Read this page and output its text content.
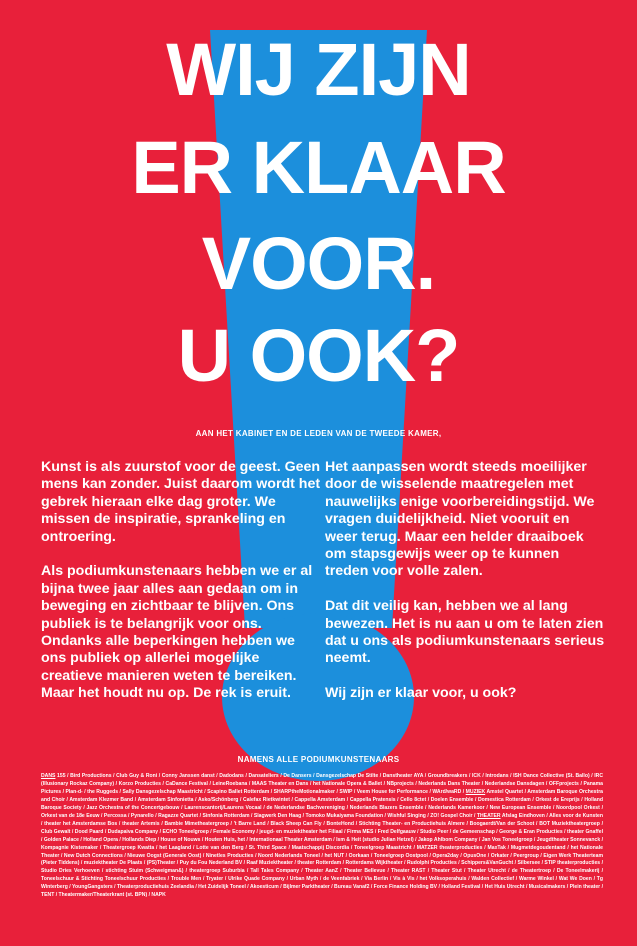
WIJ ZIJN
ER KLAAR
VOOR.
U OOK?
AAN HET KABINET EN DE LEDEN VAN DE TWEEDE KAMER,

Kunst is als zuurstof voor de geest. Geen mens kan zonder. Juist daarom wordt het gebrek hieraan elke dag groter. We missen de inspiratie, sprankeling en ontroering.

Als podiumkunstenaars hebben we er al bijna twee jaar alles aan gedaan om in beweging en zichtbaar te blijven. Ons publiek is te belangrijk voor ons. Ondanks alle beperkingen hebben we ons publiek op allerlei mogelijke creatieve manieren weten te bereiken. Maar het houdt nu op. De rek is eruit.

Het aanpassen wordt steeds moeilijker door de wisselende maatregelen met nauwelijks enige voorbereidingstijd. We vragen duidelijkheid. Niet vooruit en weer terug. Maar een helder draaiboek om stapsgewijs weer op te kunnen treden voor volle zalen.

Dat dit veilig kan, hebben we al lang bewezen. Het is nu aan u om te laten zien dat u ons als podiumkunstenaars serieus neemt.

Wij zijn er klaar voor, u ook?

NAMENS ALLE PODIUMKUNSTENAARS
DANS 155 / Bird Productions / Club Guy & Roni / Conny Janssen danst / Dadodans / Dansateliers / De Dansers / Dansgezelschap De Stilte / Danstheater AYA / Groundbreakers / ICK / Introdans / ISH Dance Collective (St. Ballo) / IRC (Illusionary Rockaz Company) / Korzo Producties / CaDance Festival / LeineRoebana / MAAS Theater en Dans / het Nationale Opera & Ballet / NBprojects / Nederlands Dans Theater / Nederlandse Dansdagen / OFFprojects / Panama Pictures / Plan-d- / the Ruggeds / Sally Dansgezelschap Maastricht / Scapino Ballet Rotterdam / SHARPtheMotionalmaker / SWIP / Veem House for Performance / WArd/waRD / MUZIEK Amstel Quartet / Amsterdam Baroque Orchestra and Choir / Amsterdam Klezmer Band / Amsterdam Sinfonietta / Asko/Schönberg / Calefax Rietkwintet / Cappella Amsterdam / Cappella Pratensis / Cello 8ctet / Doelen Ensemble / Domestica Rotterdam / Orkest de Ereprijs / Holland Baroque Society / Jazz Orchestra of the Concertgebouw / Laurenscantorij/Laurens Vocaal / de Nederlandse Bachvereniging / Nederlands Blazers Ensemble / Nederlands Kamerkoor / New European Ensemble / Noordpool Orkest / Orkest van de 18e Eeuw / Percossa / Pynarello / Ragazze Quartet / Sinfonia Rotterdam / Slagwerk Den Haag / Tomoko Mukaiyama Foundation / Wishful Singing / ZO! Gospel Choir / THEATER Afslag Eindhoven / Alles voor de Kunsten / theater het Amsterdamse Bos / theater Artemis / Bambie Mimetheatergroep / 't Barre Land / Black Sheep Can Fly / BonteHond / Stichting Theater- en Productiehuis Almere / Boogaerdt/Van der Schoot / BOT Muziektheatergroep / Club Gewalt / Dood Paard / Dudapaiva Company / ECHO Toneelgroep / Female Economy / jeugd- en muziektheater het Filiaal / Firma MES / Fred Delfgaauw / Studio Peer / de Gemeenschap / George & Eran Producties / theater Gnaffel / Golden Palace / Holland Opera / Hollands Diep / House of Nouws / Houten Huis, het / Internationaal Theater Amsterdam / Ism & Heit (studio Julian Hetzel) / Jakop Ahlbom Company / Jan Vos Toneelgroep / Jeugdtheater Sonnevanck / Kompagnie Kistemaker / Theatergroep Kwatta / het Laagland / Lotte van den Berg / St. Third Space / Maatschappij Discordia / Toneelgroep Maastricht / MATZER theaterproducties / MaxTak / Mugmetdegoudentand / het Nationale Theater / New Dutch Connections / Nieuwe Oogst (Generale Oost) / Ninetles Producties / Noord Nederlands Toneel / het NUT / Oorkaan / Toneelgroep Oostpool / Opera2day / OpusOne / Orkater / Peergroup / Eigen Werk Theaterteam (Pieter Tiddens) / muziektheater De Plaats / (PS)Theater / Puy du Fou Nederland BV / Raaf Muziektheater / theater Rotterdam / Rotterdams Wijktheater / Rudolphi Producties / Schippers&VanGucht / Silbersee / STIP theaterproducties / Studio Dries Verhoeven / stichting Stuim (Schweigman&) / theatergroep Suburbia / Tall Tales Company / Theater AanZ / Theater Bellevue / Theater RAST / Theater Stut / Theater Utrecht / de Theatertroep / De Toneelmakerij / Toneelschuur & Stichting Toneelschuur Producties / Trouble Men / Tryater / Ulrike Quade Company / Urban Myth / de Veenfabriek / Via Berlin / Vis à Vis / het Volksoperahuis / Walden Collectief / Warme Winkel / Wat We Doen / Tg Winterberg / YoungGangsters / Theaterproductiehuis Zeelandia / Het Zuidelijk Toneel / Akoesticum / Bijlmer Parktheater / Bureau Vanaf2 / Force Finance Holding BV / Holland Festival / Het Huis Utrecht / Musicalmakers / Plein theater / TENT / Theatermaker/Theaterkrant (st. BPN) / NAPK
